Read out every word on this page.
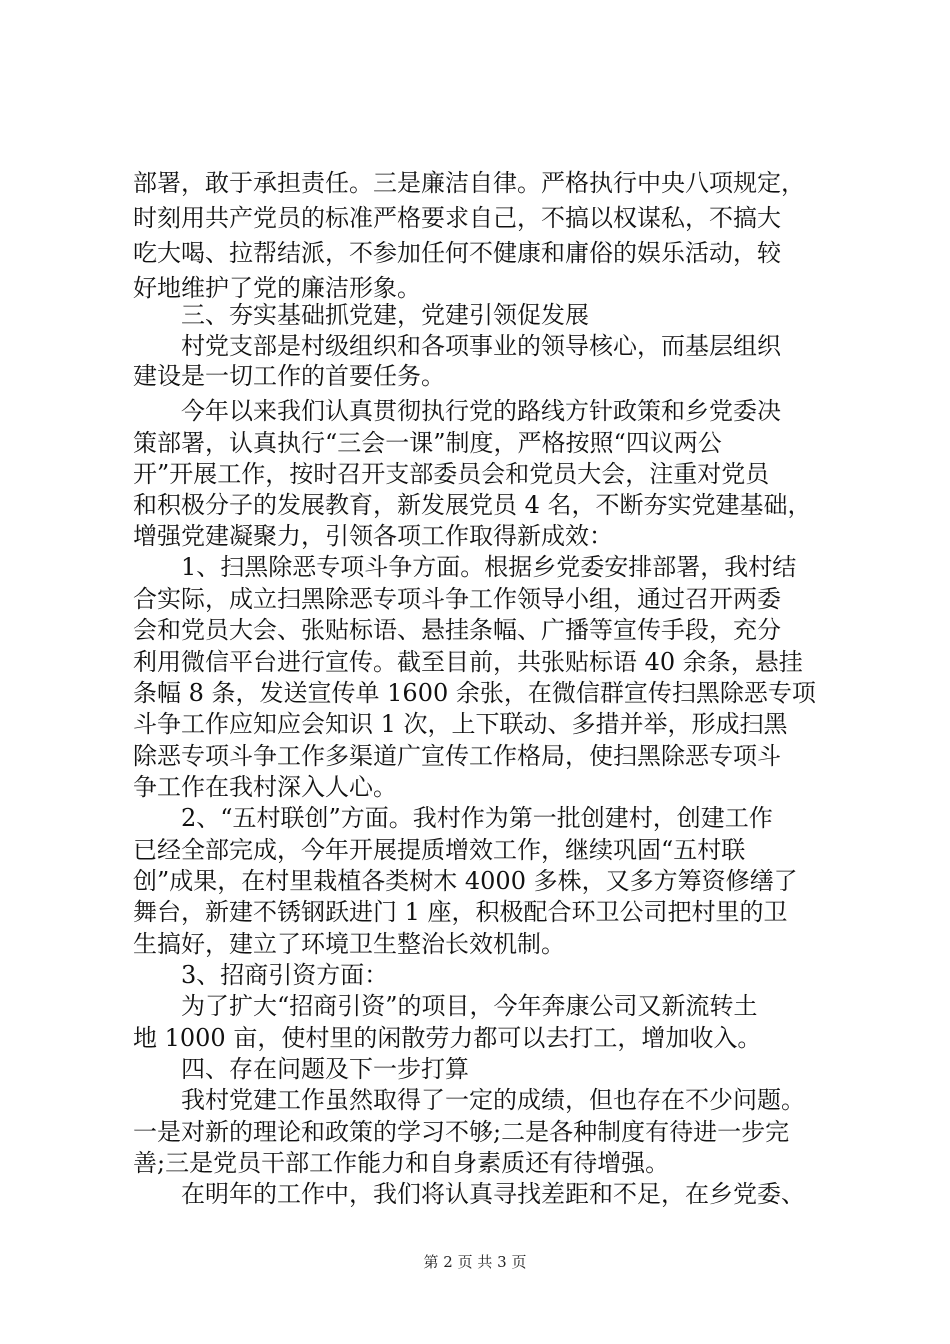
部署，敢于承担责任。三是廉洁自律。严格执行中央八项规定，

时刻用共产党员的标准严格要求自己，不搞以权谋私，不搞大

吃大喝、拉帮结派，不参加任何不健康和庸俗的娱乐活动，较

好地维护了党的廉洁形象。

三、夯实基础抓党建，党建引领促发展

村党支部是村级组织和各项事业的领导核心，而基层组织

建设是一切工作的首要任务。

今年以来我们认真贯彻执行党的路线方针政策和乡党委决

策部署，认真执行“三会一课”制度，严格按照“四议两公

开”开展工作，按时召开支部委员会和党员大会，注重对党员

和积极分子的发展教育，新发展党员 4 名，不断夯实党建基础，

增强党建凝聚力，引领各项工作取得新成效：

1、扫黑除恶专项斗争方面。根据乡党委安排部署，我村结

合实际，成立扫黑除恶专项斗争工作领导小组，通过召开两委

会和党员大会、张贴标语、悬挂条幅、广播等宣传手段，充分

利用微信平台进行宣传。截至目前，共张贴标语 40 余条，悬挂

条幅 8 条，发送宣传单 1600 余张，在微信群宣传扫黑除恶专项

斗争工作应知应会知识 1 次，上下联动、多措并举，形成扫黑

除恶专项斗争工作多渠道广宣传工作格局，使扫黑除恶专项斗

争工作在我村深入人心。

2、“五村联创”方面。我村作为第一批创建村，创建工作

已经全部完成，今年开展提质增效工作，继续巩固“五村联

创”成果，在村里栽植各类树木 4000 多株，又多方筹资修缮了

舞台，新建不锈钢跃进门 1 座，积极配合环卫公司把村里的卫

生搞好，建立了环境卫生整治长效机制。

3、招商引资方面：

为了扩大“招商引资”的项目，今年奔康公司又新流转土

地 1000 亩，使村里的闲散劳力都可以去打工，增加收入。

四、存在问题及下一步打算

我村党建工作虽然取得了一定的成绩，但也存在不少问题。

一是对新的理论和政策的学习不够;二是各种制度有待进一步完

善;三是党员干部工作能力和自身素质还有待增强。

在明年的工作中，我们将认真寻找差距和不足，在乡党委、

第 2 页 共 3 页
